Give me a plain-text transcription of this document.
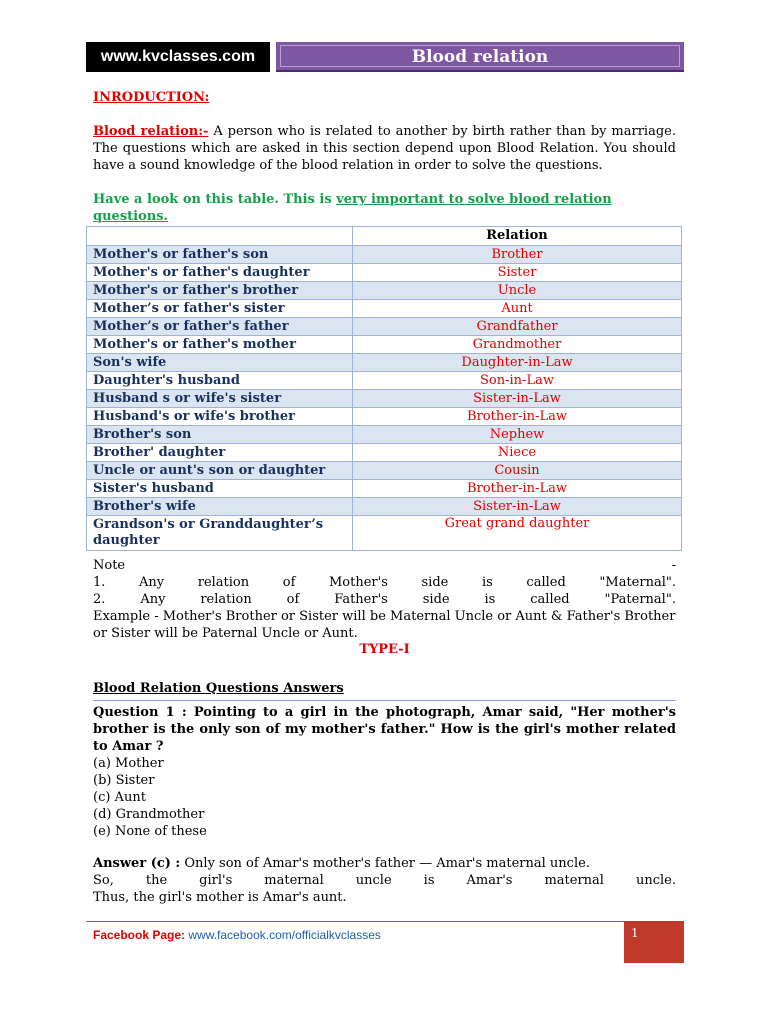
www.kvclasses.com	Blood relation
INRODUCTION:
Blood relation:- A person who is related to another by birth rather than by marriage. The questions which are asked in this section depend upon Blood Relation. You should have a sound knowledge of the blood relation in order to solve the questions.
Have a look on this table. This is very important to solve blood relation questions.
	Relation
Mother's or father's son	Brother
Mother's or father's daughter	Sister
Mother's or father's brother	Uncle
Mother’s or father's sister	Aunt
Mother’s or father's father	Grandfather
Mother's or father's mother	Grandmother
Son's wife	Daughter-in-Law
Daughter's husband	Son-in-Law
Husband s or wife's sister	Sister-in-Law
Husband's or wife's brother	Brother-in-Law
Brother's son	Nephew
Brother' daughter	Niece
Uncle or aunt's son or daughter	Cousin
Sister's husband	Brother-in-Law
Brother's wife	Sister-in-Law
Grandson's or Granddaughter’s daughter	Great grand daughter
Note	-
1.	Any	relation	of	Mother's	side	is	called	"Maternal".
2.	Any	relation	of	Father's	side	is	called	"Paternal".
Example - Mother's Brother or Sister will be Maternal Uncle or Aunt & Father's Brother or Sister will be Paternal Uncle or Aunt.
TYPE-I
Blood Relation Questions Answers
Question 1 : Pointing to a girl in the photograph, Amar said, "Her mother's brother is the only son of my mother's father." How is the girl's mother related to Amar ?
(a) Mother
(b) Sister
(c) Aunt
(d) Grandmother
(e) None of these
Answer (c) : Only son of Amar's mother's father — Amar's maternal uncle.
So, the girl's maternal uncle is Amar's maternal uncle.
Thus, the girl's mother is Amar's aunt.
Facebook Page: www.facebook.com/officialkvclasses	1
